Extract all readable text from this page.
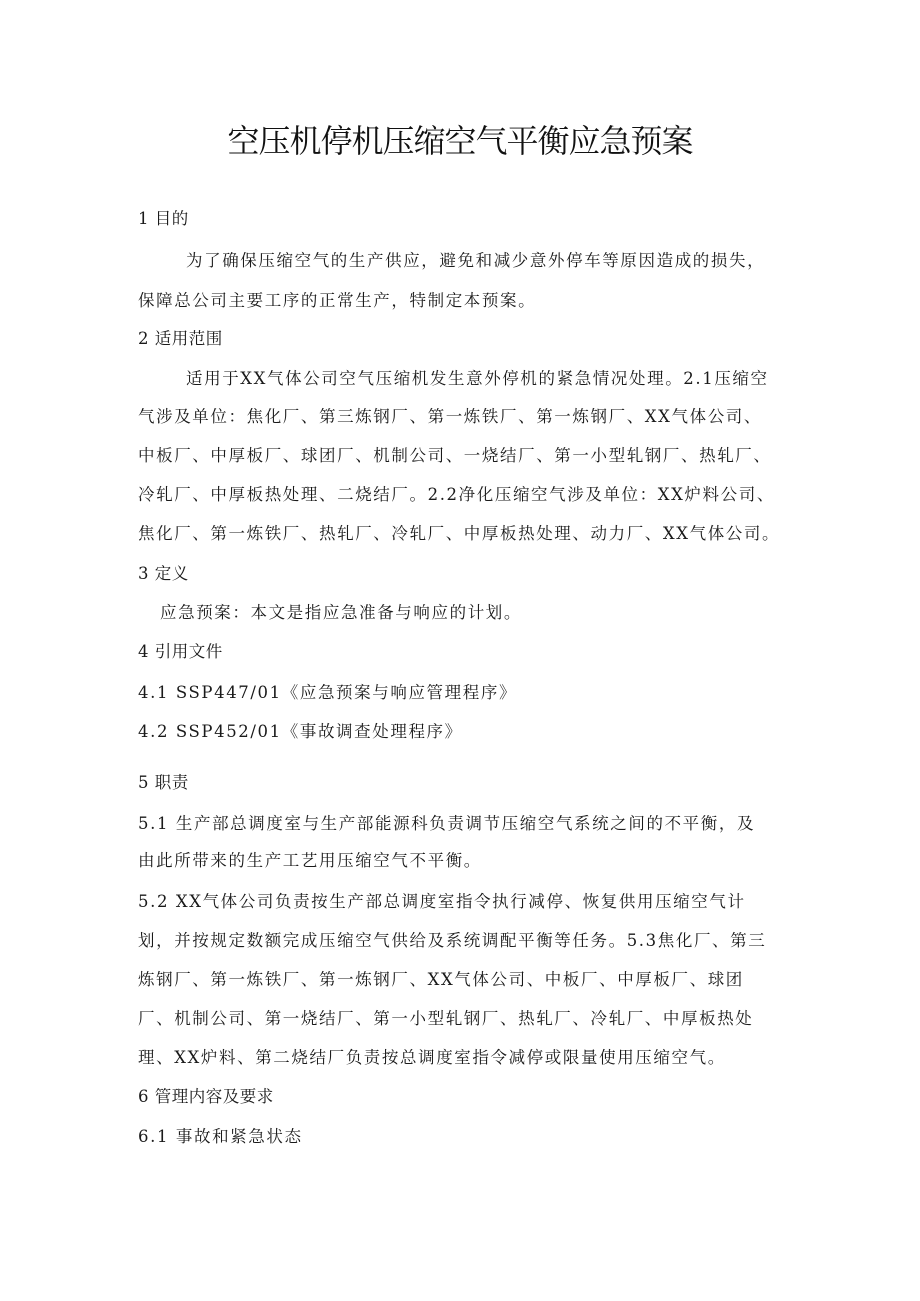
空压机停机压缩空气平衡应急预案
1 目的
为了确保压缩空气的生产供应，避免和减少意外停车等原因造成的损失，
保障总公司主要工序的正常生产，特制定本预案。
2 适用范围
适用于XX气体公司空气压缩机发生意外停机的紧急情况处理。2.1压缩空
气涉及单位：焦化厂、第三炼钢厂、第一炼铁厂、第一炼钢厂、XX气体公司、
中板厂、中厚板厂、球团厂、机制公司、一烧结厂、第一小型轧钢厂、热轧厂、
冷轧厂、中厚板热处理、二烧结厂。2.2净化压缩空气涉及单位：XX炉料公司、
焦化厂、第一炼铁厂、热轧厂、冷轧厂、中厚板热处理、动力厂、XX气体公司。
3 定义
应急预案：本文是指应急准备与响应的计划。
4 引用文件
4.1 SSP447/01《应急预案与响应管理程序》
4.2 SSP452/01《事故调查处理程序》
5 职责
5.1 生产部总调度室与生产部能源科负责调节压缩空气系统之间的不平衡，及
由此所带来的生产工艺用压缩空气不平衡。
5.2 XX气体公司负责按生产部总调度室指令执行减停、恢复供用压缩空气计
划，并按规定数额完成压缩空气供给及系统调配平衡等任务。5.3焦化厂、第三
炼钢厂、第一炼铁厂、第一炼钢厂、XX气体公司、中板厂、中厚板厂、球团
厂、机制公司、第一烧结厂、第一小型轧钢厂、热轧厂、冷轧厂、中厚板热处
理、XX炉料、第二烧结厂负责按总调度室指令减停或限量使用压缩空气。
6 管理内容及要求
6.1 事故和紧急状态
